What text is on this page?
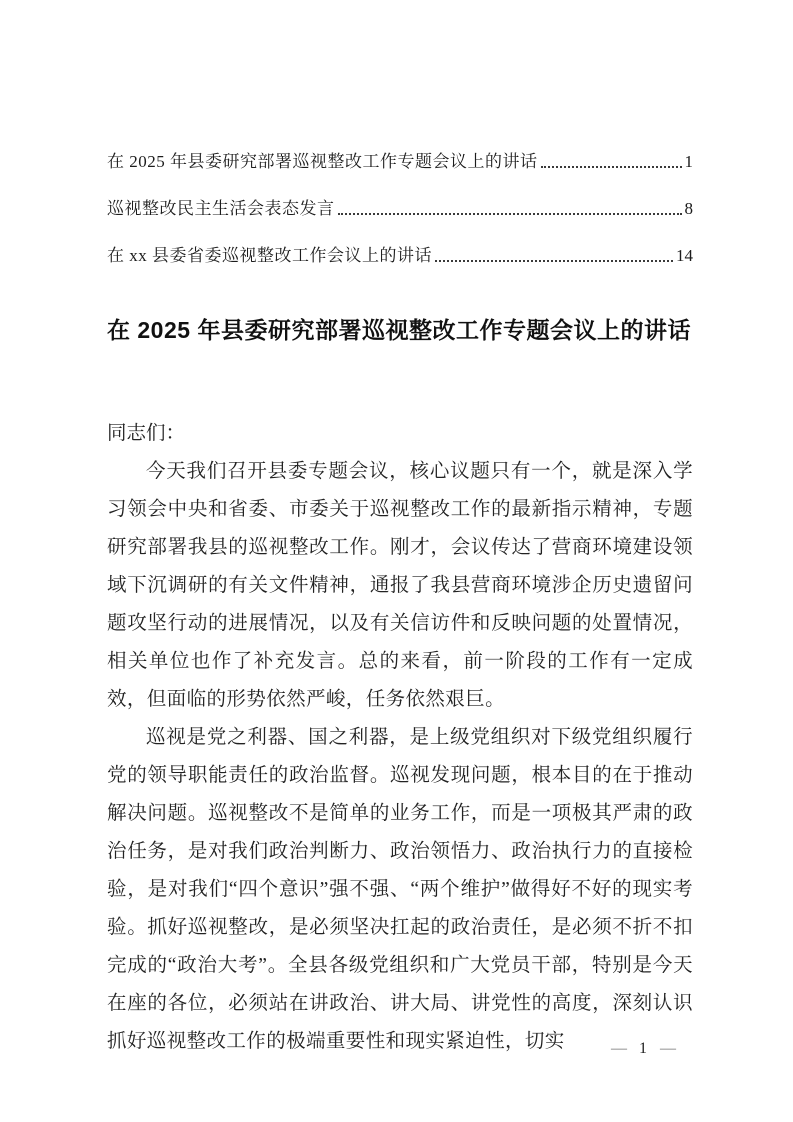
在 2025 年县委研究部署巡视整改工作专题会议上的讲话	1
巡视整改民主生活会表态发言	8
在 xx 县委省委巡视整改工作会议上的讲话	14
在 2025 年县委研究部署巡视整改工作专题会议上的讲话

同志们：

今天我们召开县委专题会议，核心议题只有一个，就是深入学习领会中央和省委、市委关于巡视整改工作的最新指示精神，专题研究部署我县的巡视整改工作。刚才，会议传达了营商环境建设领域下沉调研的有关文件精神，通报了我县营商环境涉企历史遗留问题攻坚行动的进展情况，以及有关信访件和反映问题的处置情况，相关单位也作了补充发言。总的来看，前一阶段的工作有一定成效，但面临的形势依然严峻，任务依然艰巨。

巡视是党之利器、国之利器，是上级党组织对下级党组织履行党的领导职能责任的政治监督。巡视发现问题，根本目的在于推动解决问题。巡视整改不是简单的业务工作，而是一项极其严肃的政治任务，是对我们政治判断力、政治领悟力、政治执行力的直接检验，是对我们“四个意识”强不强、“两个维护”做得好不好的现实考验。抓好巡视整改，是必须坚决扛起的政治责任，是必须不折不扣完成的“政治大考”。全县各级党组织和广大党员干部，特别是今天在座的各位，必须站在讲政治、讲大局、讲党性的高度，深刻认识抓好巡视整改工作的极端重要性和现实紧迫性，切实	— 1 —
